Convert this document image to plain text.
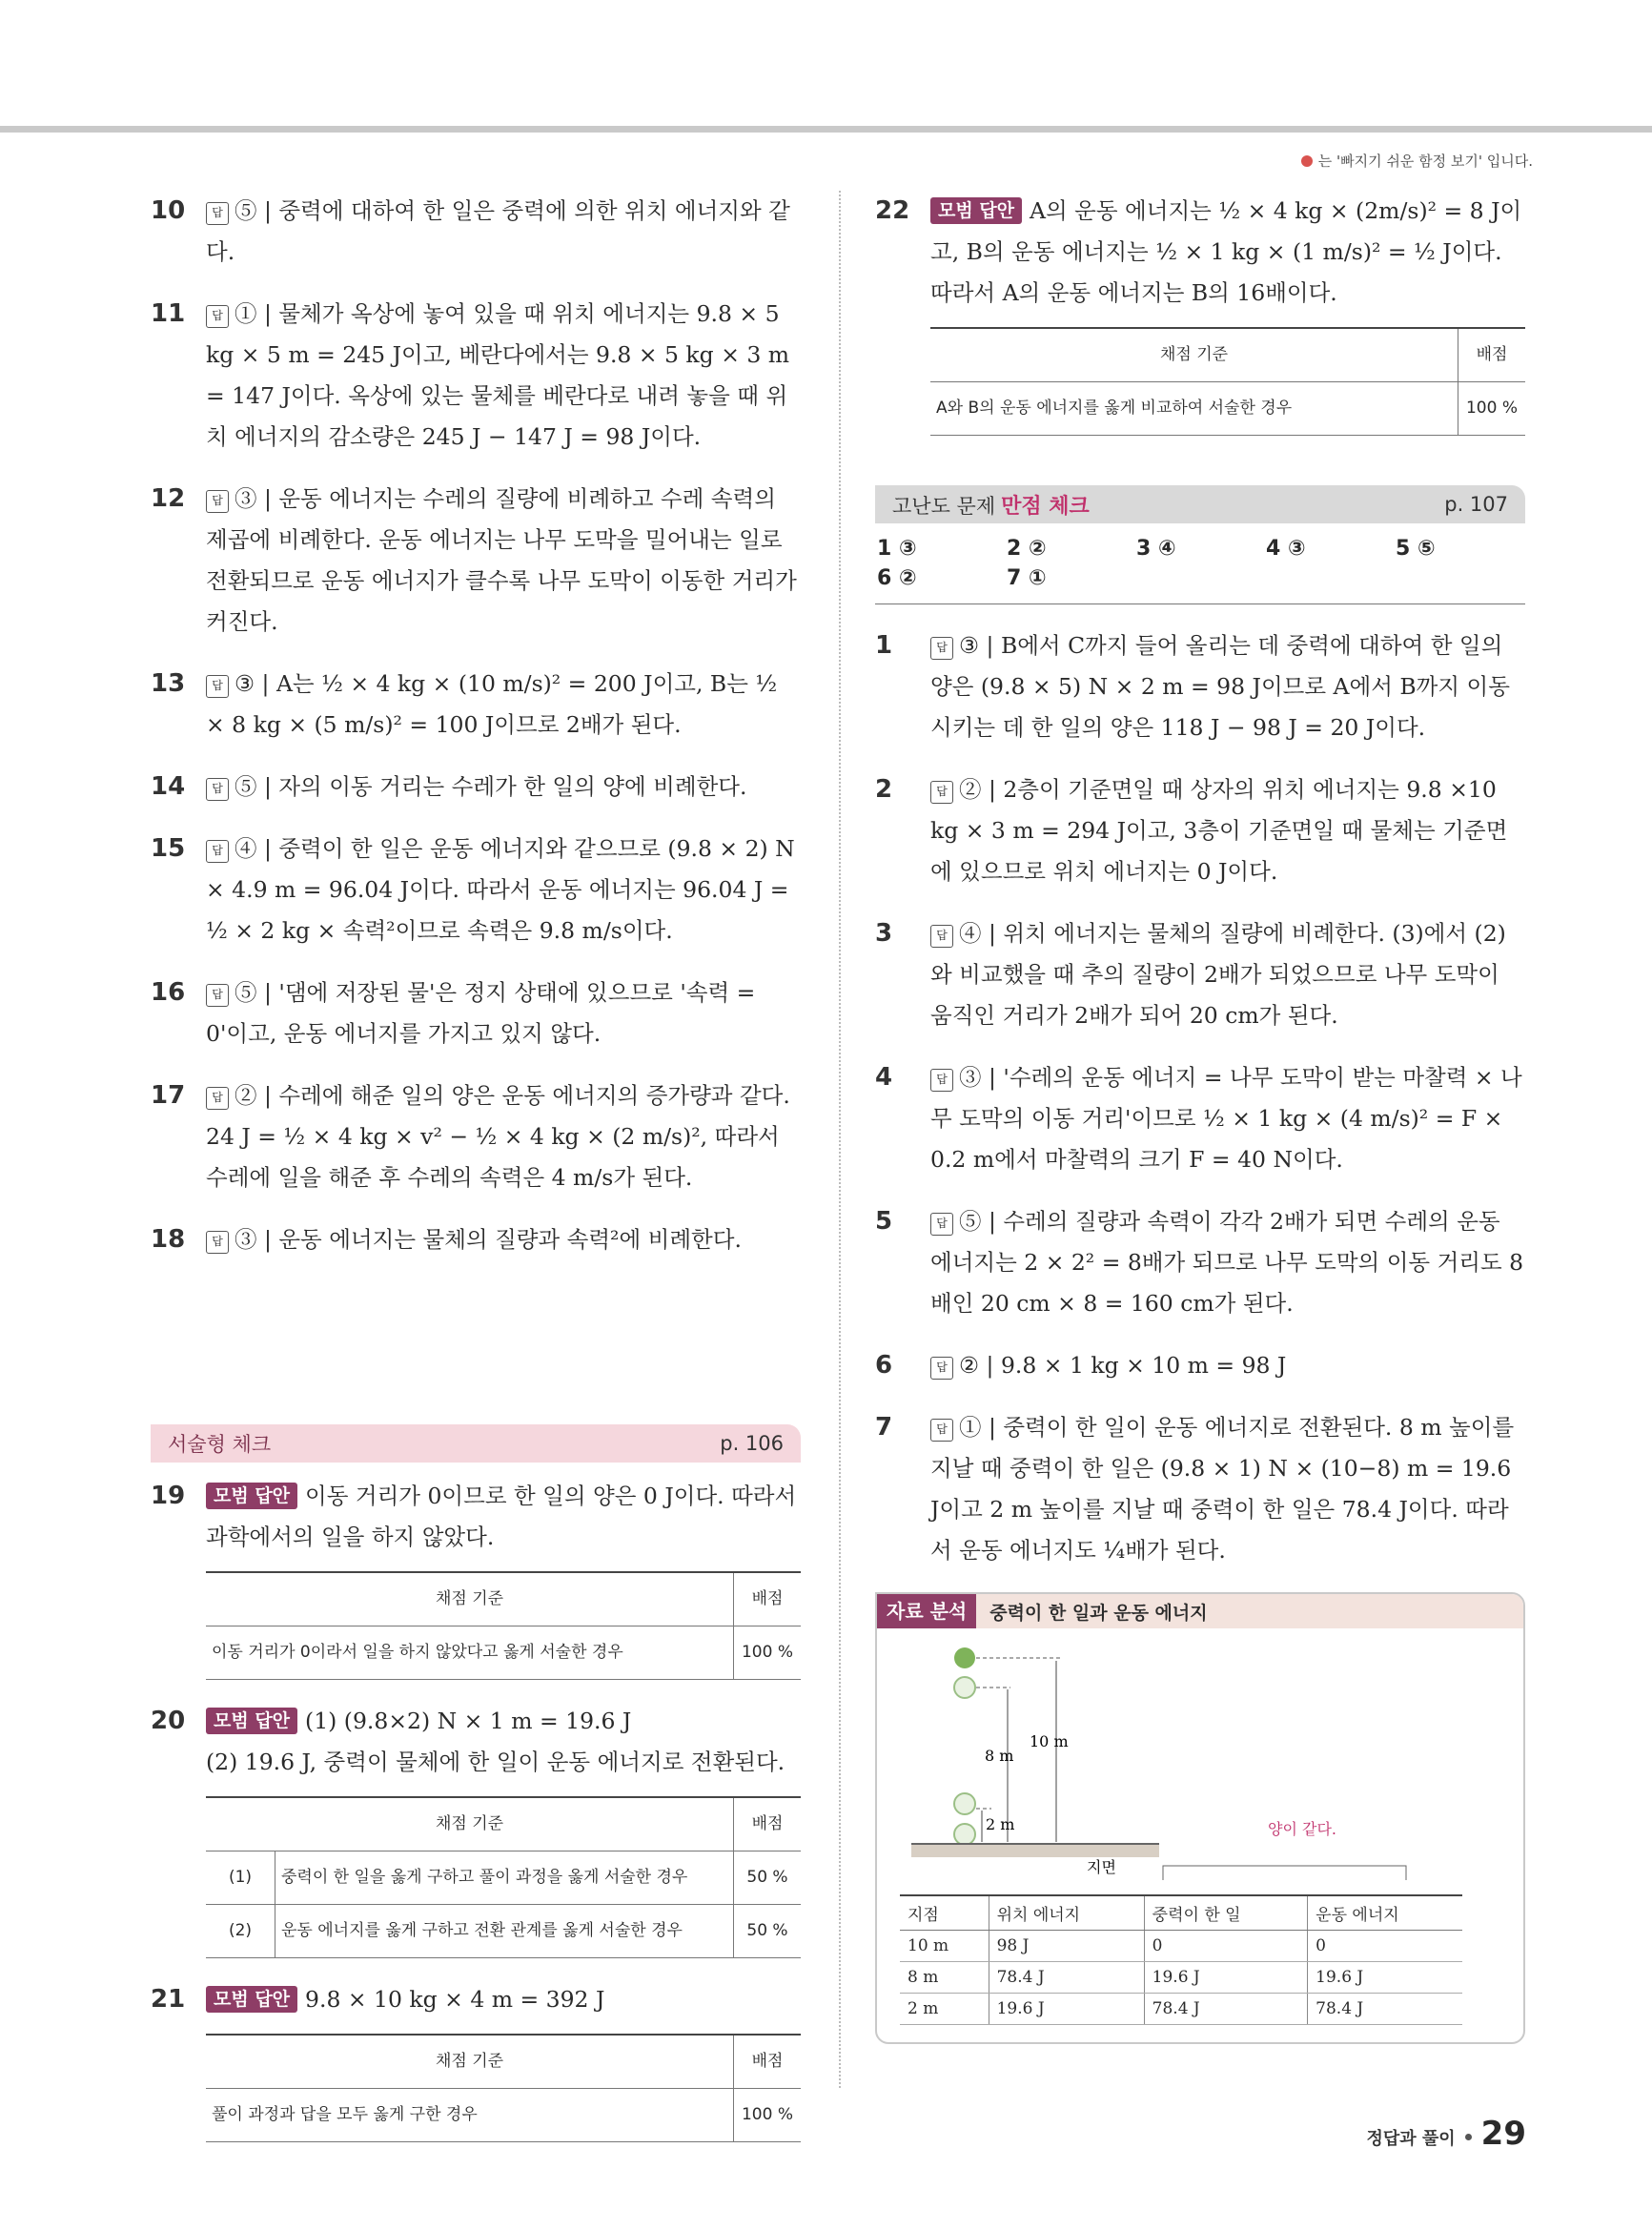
는 '빠지기 쉬운 함정 보기' 입니다.
10	답 ⑤ | 중력에 대하여 한 일은 중력에 의한 위치 에너지와 같다.
11	답 ① | 물체가 옥상에 놓여 있을 때 위치 에너지는 9.8 × 5 kg × 5 m = 245 J이고, 베란다에서는 9.8 × 5 kg × 3 m = 147 J이다. 옥상에 있는 물체를 베란다로 내려 놓을 때 위치 에너지의 감소량은 245 J − 147 J = 98 J이다.
12	답 ③ | 운동 에너지는 수레의 질량에 비례하고 수레 속력의 제곱에 비례한다. 운동 에너지는 나무 도막을 밀어내는 일로 전환되므로 운동 에너지가 클수록 나무 도막이 이동한 거리가 커진다.
13	답 ③ | A는 ½ × 4 kg × (10 m/s)² = 200 J이고, B는 ½ × 8 kg × (5 m/s)² = 100 J이므로 2배가 된다.
14	답 ⑤ | 자의 이동 거리는 수레가 한 일의 양에 비례한다.
15	답 ④ | 중력이 한 일은 운동 에너지와 같으므로 (9.8 × 2) N × 4.9 m = 96.04 J이다. 따라서 운동 에너지는 96.04 J = ½ × 2 kg × 속력²이므로 속력은 9.8 m/s이다.
16	답 ⑤ | '댐에 저장된 물'은 정지 상태에 있으므로 '속력 = 0'이고, 운동 에너지를 가지고 있지 않다.
17	답 ② | 수레에 해준 일의 양은 운동 에너지의 증가량과 같다. 24 J = ½ × 4 kg × v² − ½ × 4 kg × (2 m/s)², 따라서 수레에 일을 해준 후 수레의 속력은 4 m/s가 된다.
18	답 ③ | 운동 에너지는 물체의 질량과 속력²에 비례한다.
서술형 체크	p. 106
19	모범 답안 이동 거리가 0이므로 한 일의 양은 0 J이다. 따라서 과학에서의 일을 하지 않았다.
채점 기준	배점
이동 거리가 0이라서 일을 하지 않았다고 옳게 서술한 경우	100 %
20	모범 답안 (1) (9.8×2) N × 1 m = 19.6 J
(2) 19.6 J, 중력이 물체에 한 일이 운동 에너지로 전환된다.
채점 기준		배점
(1)	중력이 한 일을 옳게 구하고 풀이 과정을 옳게 서술한 경우	50 %
(2)	운동 에너지를 옳게 구하고 전환 관계를 옳게 서술한 경우	50 %
21	모범 답안 9.8 × 10 kg × 4 m = 392 J
채점 기준	배점
풀이 과정과 답을 모두 옳게 구한 경우	100 %
22	모범 답안 A의 운동 에너지는 ½ × 4 kg × (2m/s)² = 8 J이고, B의 운동 에너지는 ½ × 1 kg × (1 m/s)² = ½ J이다. 따라서 A의 운동 에너지는 B의 16배이다.
채점 기준	배점
A와 B의 운동 에너지를 옳게 비교하여 서술한 경우	100 %
고난도 문제 만점 체크	p. 107
1 ③	2 ②	3 ④	4 ③	5 ⑤
6 ②	7 ①
1	답 ③ | B에서 C까지 들어 올리는 데 중력에 대하여 한 일의 양은 (9.8 × 5) N × 2 m = 98 J이므로 A에서 B까지 이동시키는 데 한 일의 양은 118 J − 98 J = 20 J이다.
2	답 ② | 2층이 기준면일 때 상자의 위치 에너지는 9.8 ×10 kg × 3 m = 294 J이고, 3층이 기준면일 때 물체는 기준면에 있으므로 위치 에너지는 0 J이다.
3	답 ④ | 위치 에너지는 물체의 질량에 비례한다. (3)에서 (2)와 비교했을 때 추의 질량이 2배가 되었으므로 나무 도막이 움직인 거리가 2배가 되어 20 cm가 된다.
4	답 ③ | '수레의 운동 에너지 = 나무 도막이 받는 마찰력 × 나무 도막의 이동 거리'이므로 ½ × 1 kg × (4 m/s)² = F × 0.2 m에서 마찰력의 크기 F = 40 N이다.
5	답 ⑤ | 수레의 질량과 속력이 각각 2배가 되면 수레의 운동 에너지는 2 × 2² = 8배가 되므로 나무 도막의 이동 거리도 8배인 20 cm × 8 = 160 cm가 된다.
6	답 ② | 9.8 × 1 kg × 10 m = 98 J
7	답 ① | 중력이 한 일이 운동 에너지로 전환된다. 8 m 높이를 지날 때 중력이 한 일은 (9.8 × 1) N × (10−8) m = 19.6 J이고 2 m 높이를 지날 때 중력이 한 일은 78.4 J이다. 따라서 운동 에너지도 ¼배가 된다.
자료 분석	중력이 한 일과 운동 에너지
10 m
8 m
2 m
지면
양이 같다.
지점	위치 에너지	중력이 한 일	운동 에너지
10 m	98 J	0	0
8 m	78.4 J	19.6 J	19.6 J
2 m	19.6 J	78.4 J	78.4 J
정답과 풀이 29
